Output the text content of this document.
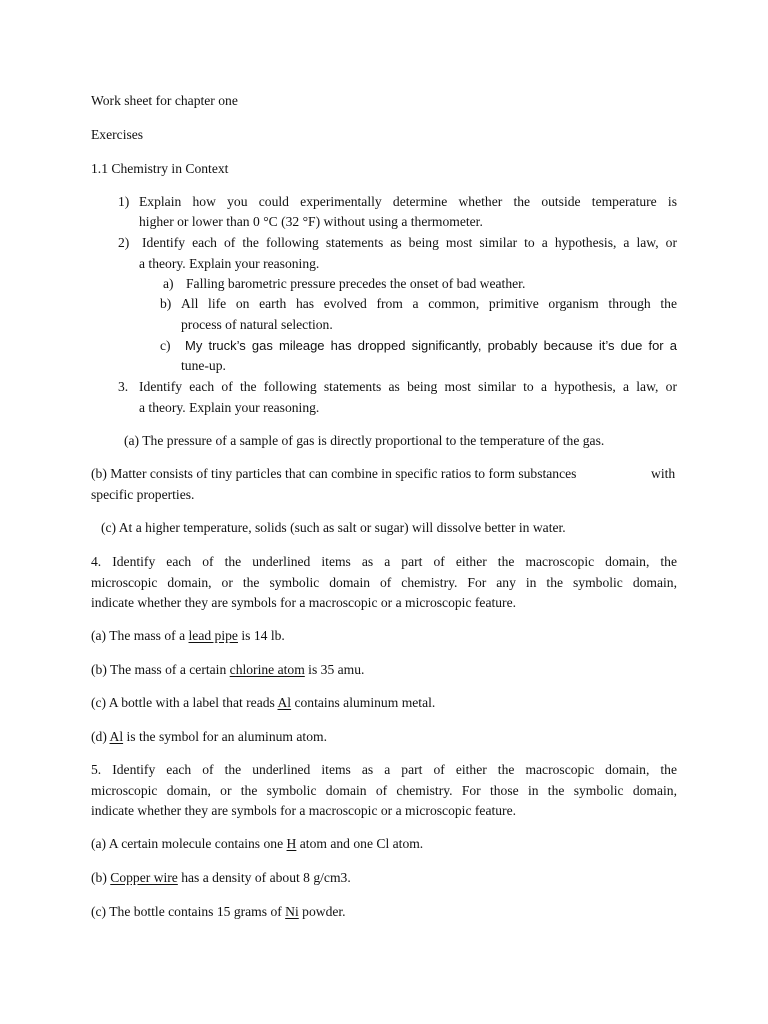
Work sheet for chapter one
Exercises
1.1 Chemistry in Context
1) Explain how you could experimentally determine whether the outside temperature is
higher or lower than 0 °C (32 °F) without using a thermometer.
2) Identify each of the following statements as being most similar to a hypothesis, a law, or
a theory. Explain your reasoning.
a) Falling barometric pressure precedes the onset of bad weather.
b) All life on earth has evolved from a common, primitive organism through the
process of natural selection.
c) My truck’s gas mileage has dropped significantly, probably because it’s due for a
tune-up.
3. Identify each of the following statements as being most similar to a hypothesis, a law, or
a theory. Explain your reasoning.
(a) The pressure of a sample of gas is directly proportional to the temperature of the gas.
(b) Matter consists of tiny particles that can combine in specific ratios to form substances	with
specific properties.
(c) At a higher temperature, solids (such as salt or sugar) will dissolve better in water.
4. Identify each of the underlined items as a part of either the macroscopic domain, the
microscopic domain, or the symbolic domain of chemistry. For any in the symbolic domain,
indicate whether they are symbols for a macroscopic or a microscopic feature.
(a) The mass of a lead pipe is 14 lb.
(b) The mass of a certain chlorine atom is 35 amu.
(c) A bottle with a label that reads Al contains aluminum metal.
(d) Al is the symbol for an aluminum atom.
5. Identify each of the underlined items as a part of either the macroscopic domain, the
microscopic domain, or the symbolic domain of chemistry. For those in the symbolic domain,
indicate whether they are symbols for a macroscopic or a microscopic feature.
(a) A certain molecule contains one H atom and one Cl atom.
(b) Copper wire has a density of about 8 g/cm3.
(c) The bottle contains 15 grams of Ni powder.
